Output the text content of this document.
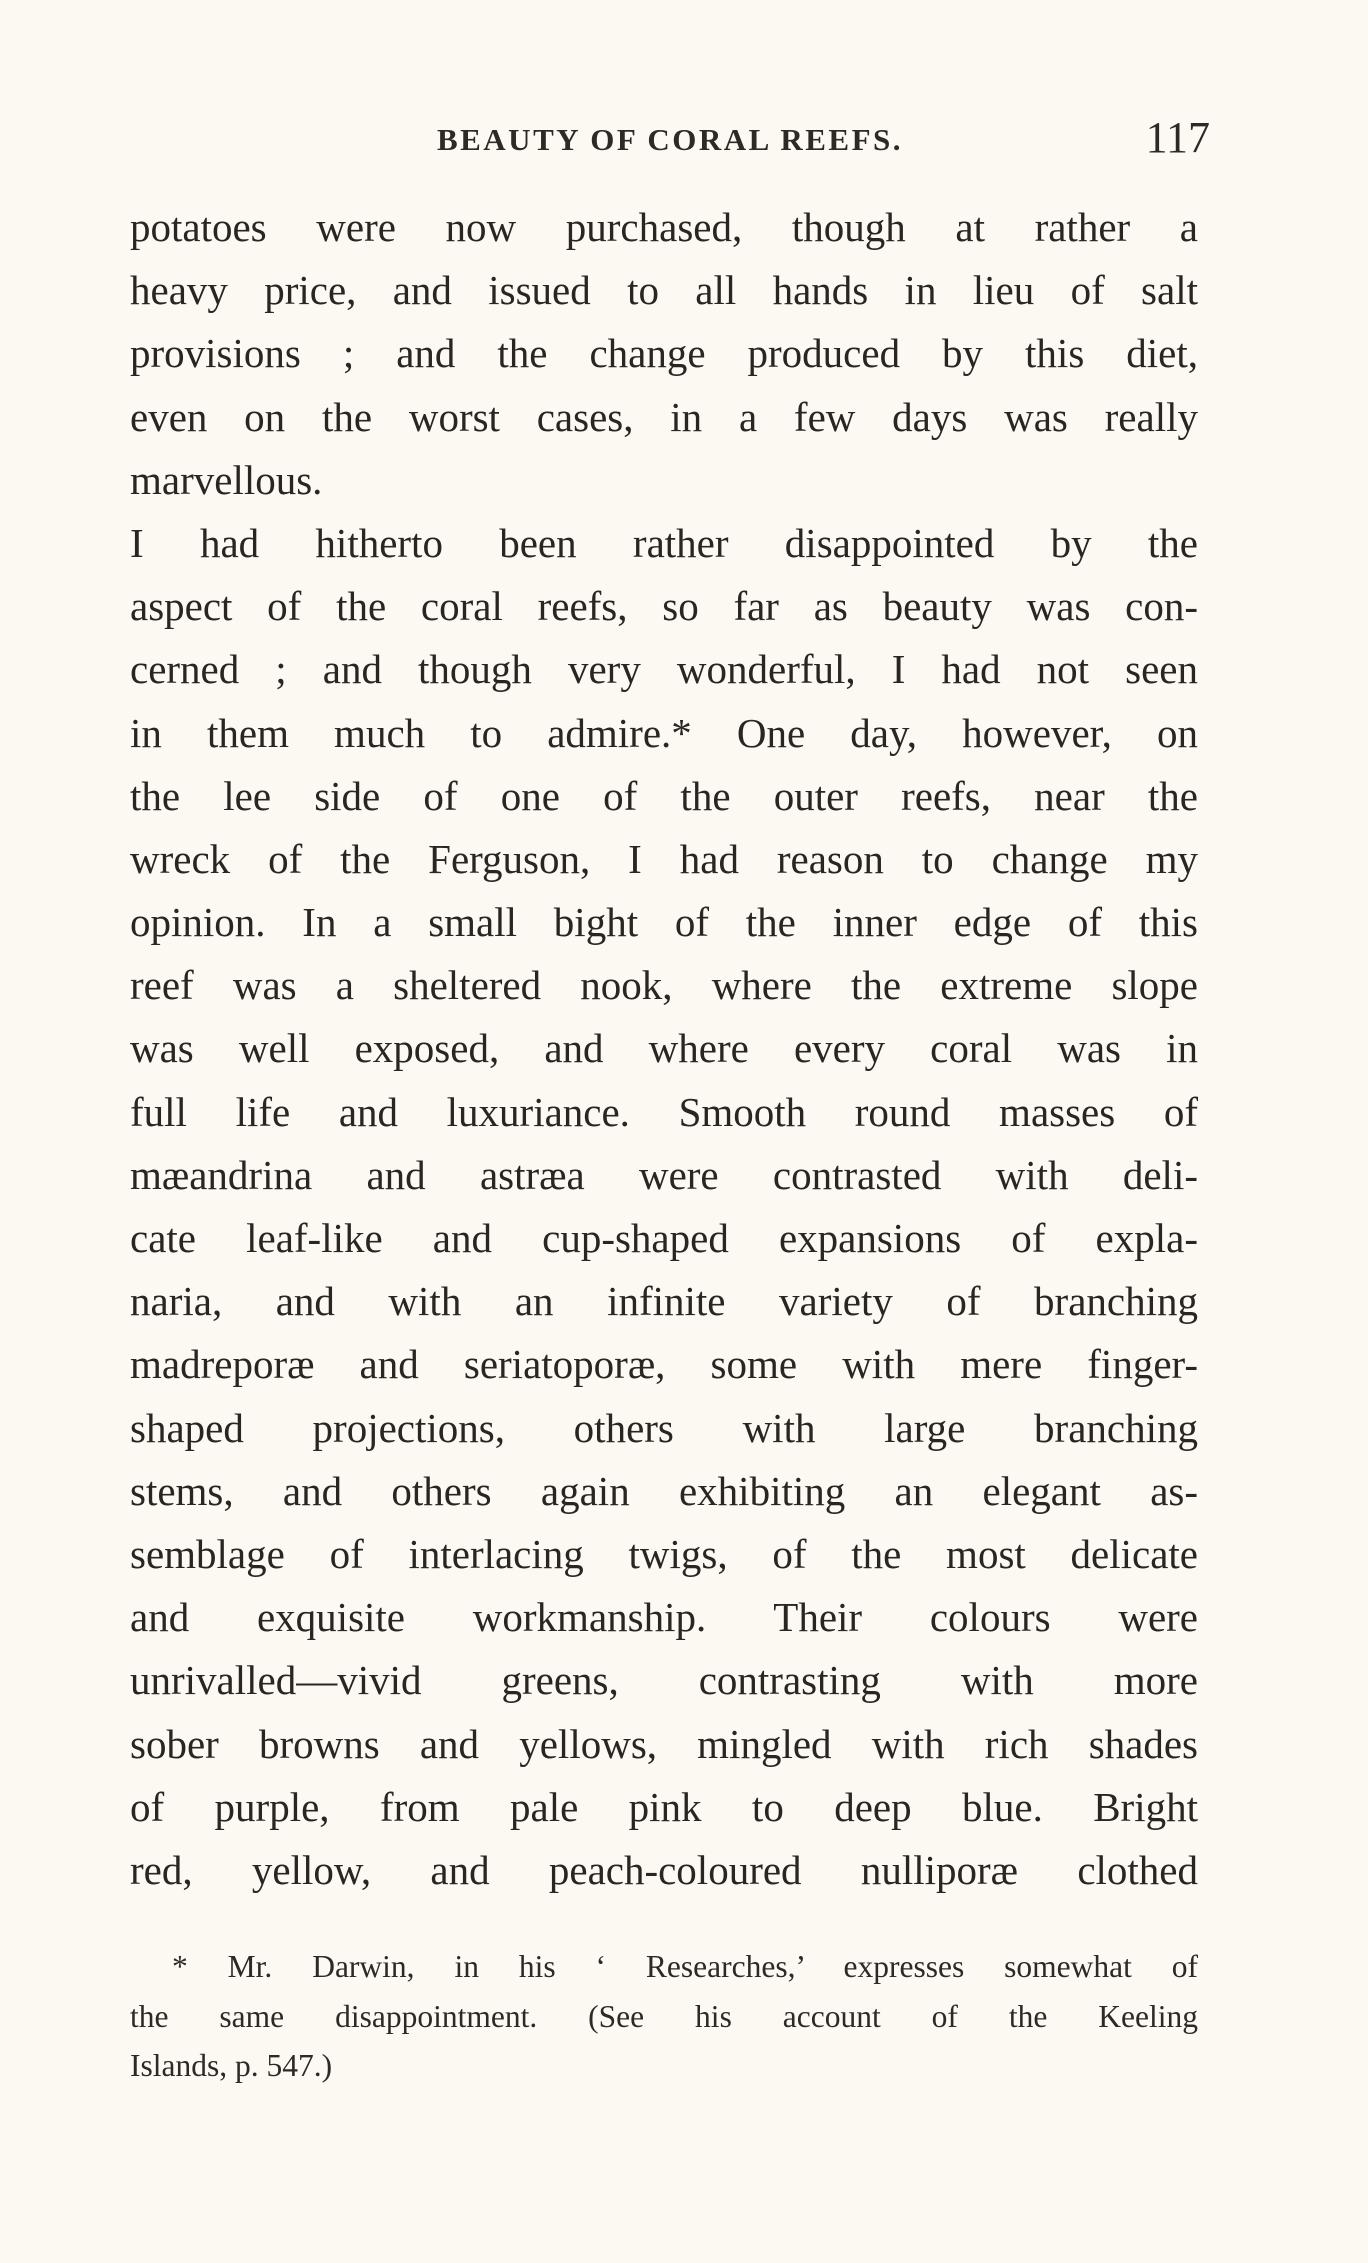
BEAUTY OF CORAL REEFS.	117
potatoes were now purchased, though at rather a
heavy price, and issued to all hands in lieu of salt
provisions ; and the change produced by this diet,
even on the worst cases, in a few days was really
marvellous.
I had hitherto been rather disappointed by the
aspect of the coral reefs, so far as beauty was con-
cerned ; and though very wonderful, I had not seen
in them much to admire.* One day, however, on
the lee side of one of the outer reefs, near the
wreck of the Ferguson, I had reason to change my
opinion. In a small bight of the inner edge of this
reef was a sheltered nook, where the extreme slope
was well exposed, and where every coral was in
full life and luxuriance. Smooth round masses of
mæandrina and astræa were contrasted with deli-
cate leaf-like and cup-shaped expansions of expla-
naria, and with an infinite variety of branching
madreporæ and seriatoporæ, some with mere finger-
shaped projections, others with large branching
stems, and others again exhibiting an elegant as-
semblage of interlacing twigs, of the most delicate
and exquisite workmanship. Their colours were
unrivalled—vivid greens, contrasting with more
sober browns and yellows, mingled with rich shades
of purple, from pale pink to deep blue. Bright
red, yellow, and peach-coloured nulliporæ clothed
* Mr. Darwin, in his ‘ Researches,’ expresses somewhat of
the same disappointment. (See his account of the Keeling
Islands, p. 547.)
